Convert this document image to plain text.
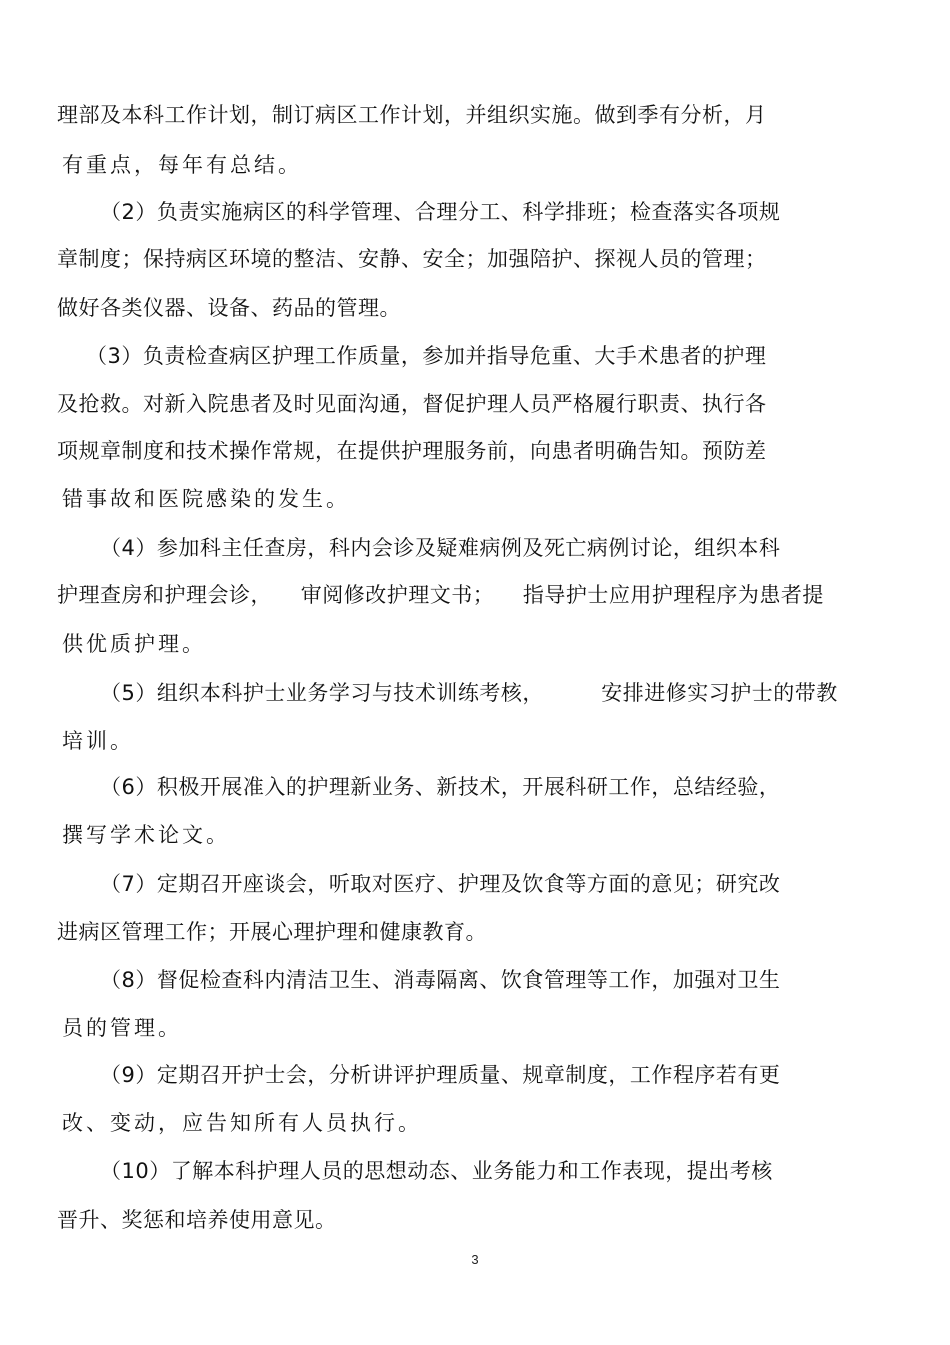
理部及本科工作计划，制订病区工作计划，并组织实施。做到季有分析，月
有重点，每年有总结。
（2）负责实施病区的科学管理、合理分工、科学排班；检查落实各项规
章制度；保持病区环境的整洁、安静、安全；加强陪护、探视人员的管理；
做好各类仪器、设备、药品的管理。
（3）负责检查病区护理工作质量，参加并指导危重、大手术患者的护理
及抢救。对新入院患者及时见面沟通，督促护理人员严格履行职责、执行各
项规章制度和技术操作常规，在提供护理服务前，向患者明确告知。预防差
错事故和医院感染的发生。
（4）参加科主任查房，科内会诊及疑难病例及死亡病例讨论，组织本科
护理查房和护理会诊，    审阅修改护理文书；    指导护士应用护理程序为患者提
供优质护理。
（5）组织本科护士业务学习与技术训练考核，        安排进修实习护士的带教
培训。
（6）积极开展准入的护理新业务、新技术，开展科研工作，总结经验，
撰写学术论文。
（7）定期召开座谈会，听取对医疗、护理及饮食等方面的意见；研究改
进病区管理工作；开展心理护理和健康教育。
（8）督促检查科内清洁卫生、消毒隔离、饮食管理等工作，加强对卫生
员的管理。
（9）定期召开护士会，分析讲评护理质量、规章制度，工作程序若有更
改、变动，应告知所有人员执行。
（10）了解本科护理人员的思想动态、业务能力和工作表现，提出考核
晋升、奖惩和培养使用意见。
3
